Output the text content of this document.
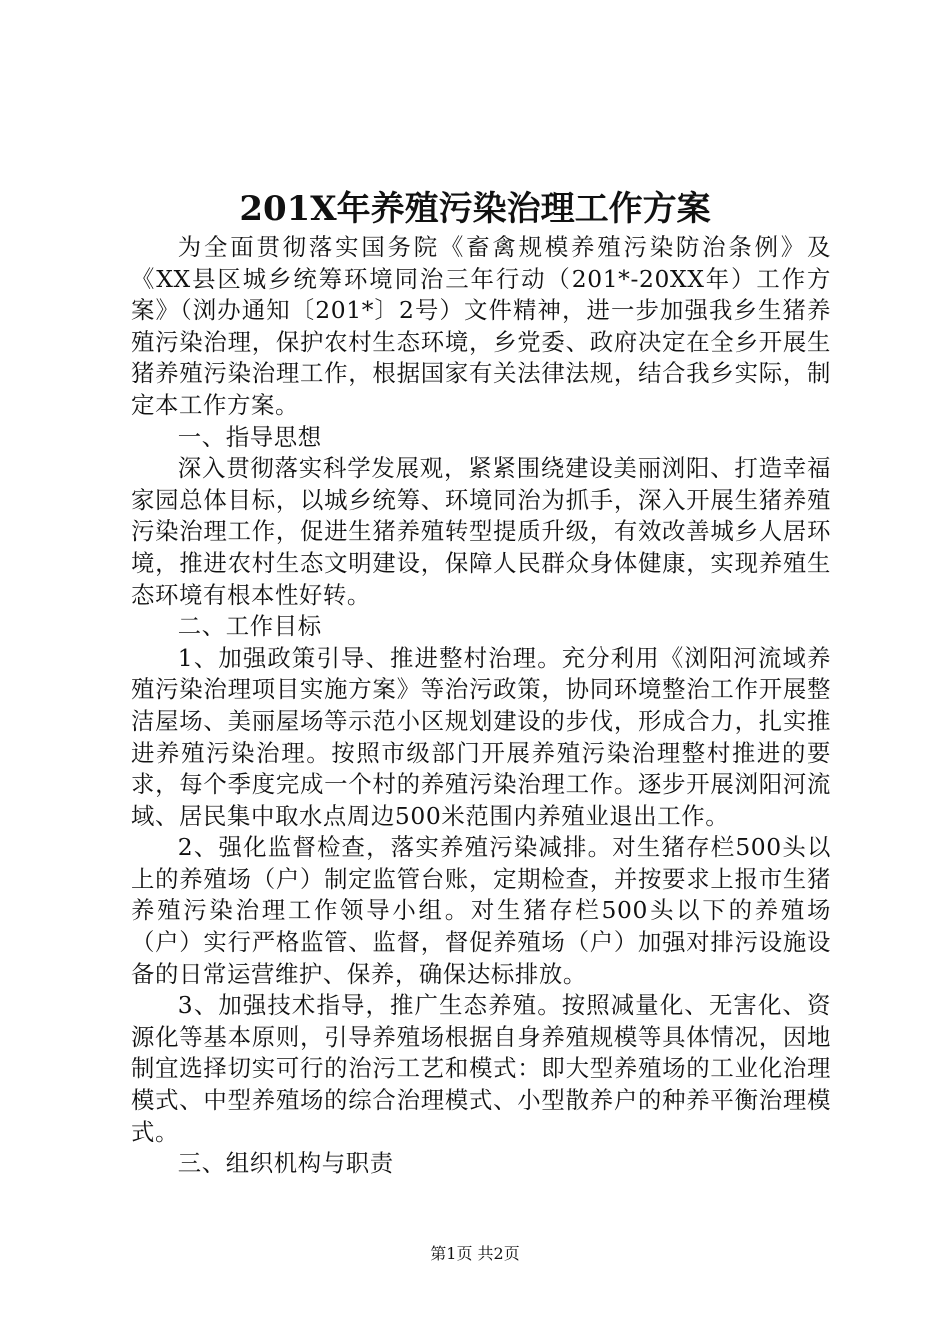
201X年养殖污染治理工作方案

为全面贯彻落实国务院《畜禽规模养殖污染防治条例》及《XX县区城乡统筹环境同治三年行动（201*-20XX年）工作方案》（浏办通知〔201*〕2号）文件精神，进一步加强我乡生猪养殖污染治理，保护农村生态环境，乡党委、政府决定在全乡开展生猪养殖污染治理工作，根据国家有关法律法规，结合我乡实际，制定本工作方案。

一、指导思想

深入贯彻落实科学发展观，紧紧围绕建设美丽浏阳、打造幸福家园总体目标，以城乡统筹、环境同治为抓手，深入开展生猪养殖污染治理工作，促进生猪养殖转型提质升级，有效改善城乡人居环境，推进农村生态文明建设，保障人民群众身体健康，实现养殖生态环境有根本性好转。

二、工作目标

1、加强政策引导、推进整村治理。充分利用《浏阳河流域养殖污染治理项目实施方案》等治污政策，协同环境整治工作开展整洁屋场、美丽屋场等示范小区规划建设的步伐，形成合力，扎实推进养殖污染治理。按照市级部门开展养殖污染治理整村推进的要求，每个季度完成一个村的养殖污染治理工作。逐步开展浏阳河流域、居民集中取水点周边500米范围内养殖业退出工作。

2、强化监督检查，落实养殖污染减排。对生猪存栏500头以上的养殖场（户）制定监管台账，定期检查，并按要求上报市生猪养殖污染治理工作领导小组。对生猪存栏500头以下的养殖场（户）实行严格监管、监督，督促养殖场（户）加强对排污设施设备的日常运营维护、保养，确保达标排放。

3、加强技术指导，推广生态养殖。按照减量化、无害化、资源化等基本原则，引导养殖场根据自身养殖规模等具体情况，因地制宜选择切实可行的治污工艺和模式：即大型养殖场的工业化治理模式、中型养殖场的综合治理模式、小型散养户的种养平衡治理模式。

三、组织机构与职责

第1页 共2页
